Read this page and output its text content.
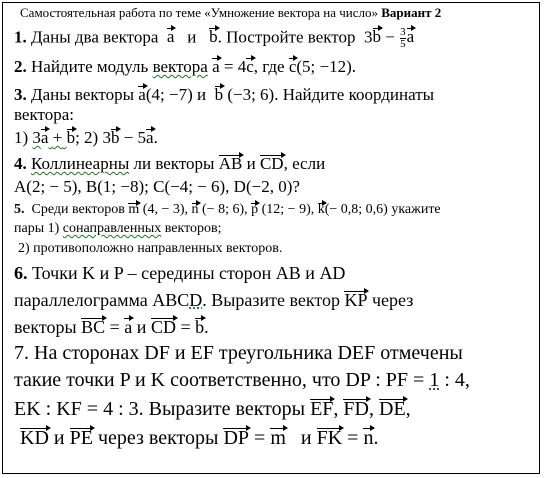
Самостоятельная работа по теме «Умножение вектора на число» Вариант 2
1. Даны два вектора a и b. Постройте вектор $3b - \frac{3}{5}$ a
2. Найдите модуль вектора a = 4c, где c(5; −12).
3. Даны векторы a(4; −7) и b (−3; 6). Найдите координаты
вектора:
1) 3a + b; 2) 3b − 5a.
4. Коллинеарны ли векторы AB и CD, если
A(2; − 5), B(1; −8); C(−4; − 6), D(−2, 0)?
5. Среди векторов m (4, − 3), n (− 8; 6), p (12; − 9), k(− 0,8; 0,6) укажите
пары 1) сонаправленных векторов;
2) противоположно направленных векторов.
6. Точки K и P – середины сторон AB и AD
параллелограмма ABCD. Выразите вектор KP через
векторы BC = a и CD = b.
7. На сторонах DF и EF треугольника DEF отмечены
такие точки P и K соответственно, что DP : PF = 1 : 4,
EK : KF = 4 : 3. Выразите векторы EF, FD, DE,
KD и PE через векторы DP = m и FK = n.
